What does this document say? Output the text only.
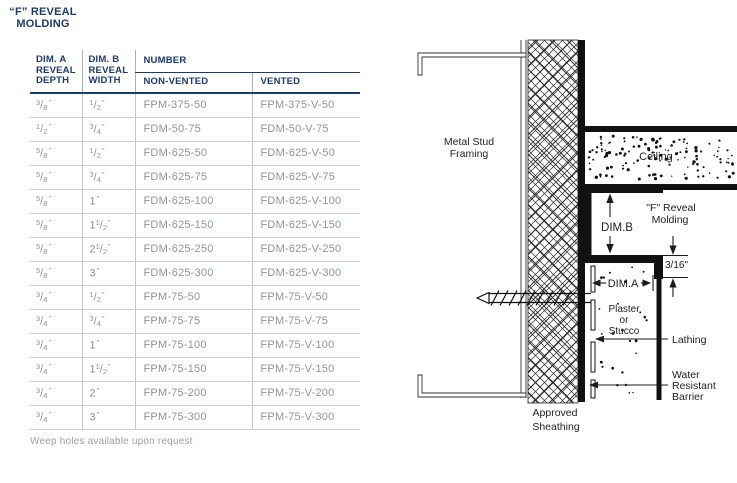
“F” REVEAL
MOLDING
DIM. A
REVEAL
DEPTH	DIM. B
REVEAL
WIDTH	NUMBER	
		NON-VENTED	VENTED
$^3/_8^"$	$^1/_2^"$	FPM-375-50	FPM-375-V-50
$^1/_2^"$	$^3/_4^"$	FDM-50-75	FDM-50-V-75
$^5/_8^"$	$^1/_2^"$	FDM-625-50	FDM-625-V-50
$^5/_8^"$	$^3/_4^"$	FDM-625-75	FDM-625-V-75
$^5/_8^"$	1"	FDM-625-100	FDM-625-V-100
$^5/_8^"$	$1^1/_2^"$	FDM-625-150	FDM-625-V-150
$^5/_8^"$	$2^1/_2^"$	FDM-625-250	FDM-625-V-250
$^5/_8^"$	3"	FDM-625-300	FDM-625-V-300
$^3/_4^"$	$^1/_2^"$	FPM-75-50	FPM-75-V-50
$^3/_4^"$	$^3/_4^"$	FPM-75-75	FPM-75-V-75
$^3/_4^"$	1"	FPM-75-100	FPM-75-V-100
$^3/_4^"$	$1^1/_2^"$	FPM-75-150	FPM-75-V-150
$^3/_4^"$	2"	FPM-75-200	FPM-75-V-200
$^3/_4^"$	3"	FPM-75-300	FPM-75-V-300
Weep holes available upon request
DIM.B
3/16"
DIM.A
Metal Stud
Framing	Ceiling
"F" Reveal
Molding
Plaster
or
Stucco
Lathing
Water
Resistant
Barrier
Approved
Sheathing
